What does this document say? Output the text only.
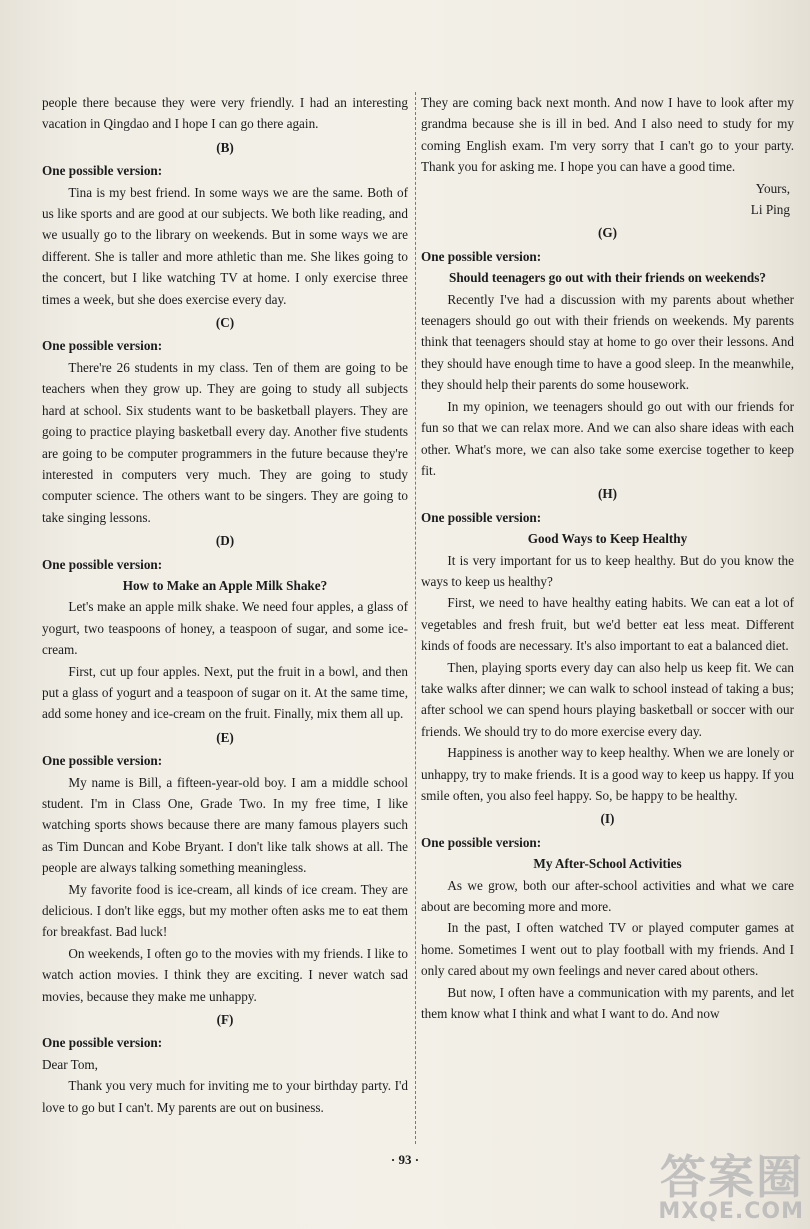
people there because they were very friendly. I had an interesting vacation in Qingdao and I hope I can go there again.

(B)

One possible version:

Tina is my best friend. In some ways we are the same. Both of us like sports and are good at our subjects. We both like reading, and we usually go to the library on weekends. But in some ways we are different. She is taller and more athletic than me. She likes going to the concert, but I like watching TV at home. I only exercise three times a week, but she does exercise every day.

(C)

One possible version:

There're 26 students in my class. Ten of them are going to be teachers when they grow up. They are going to study all subjects hard at school. Six students want to be basketball players. They are going to practice playing basketball every day. Another five students are going to be computer programmers in the future because they're interested in computers very much. They are going to study computer science. The others want to be singers. They are going to take singing lessons.

(D)

One possible version:

How to Make an Apple Milk Shake?

Let's make an apple milk shake. We need four apples, a glass of yogurt, two teaspoons of honey, a teaspoon of sugar, and some ice-cream.

First, cut up four apples. Next, put the fruit in a bowl, and then put a glass of yogurt and a teaspoon of sugar on it. At the same time, add some honey and ice-cream on the fruit. Finally, mix them all up.

(E)

One possible version:

My name is Bill, a fifteen-year-old boy. I am a middle school student. I'm in Class One, Grade Two. In my free time, I like watching sports shows because there are many famous players such as Tim Duncan and Kobe Bryant. I don't like talk shows at all. The people are always talking something meaningless.

My favorite food is ice-cream, all kinds of ice cream. They are delicious. I don't like eggs, but my mother often asks me to eat them for breakfast. Bad luck!

On weekends, I often go to the movies with my friends. I like to watch action movies. I think they are exciting. I never watch sad movies, because they make me unhappy.

(F)

One possible version:

Dear Tom,

Thank you very much for inviting me to your birthday party. I'd love to go but I can't. My parents are out on business.

They are coming back next month. And now I have to look after my grandma because she is ill in bed. And I also need to study for my coming English exam. I'm very sorry that I can't go to your party. Thank you for asking me. I hope you can have a good time.

Yours,

Li Ping

(G)

One possible version:

Should teenagers go out with their friends on weekends?

Recently I've had a discussion with my parents about whether teenagers should go out with their friends on weekends. My parents think that teenagers should stay at home to go over their lessons. And they should have enough time to have a good sleep. In the meanwhile, they should help their parents do some housework.

In my opinion, we teenagers should go out with our friends for fun so that we can relax more. And we can also share ideas with each other. What's more, we can also take some exercise together to keep fit.

(H)

One possible version:

Good Ways to Keep Healthy

It is very important for us to keep healthy. But do you know the ways to keep us healthy?

First, we need to have healthy eating habits. We can eat a lot of vegetables and fresh fruit, but we'd better eat less meat. Different kinds of foods are necessary. It's also important to eat a balanced diet.

Then, playing sports every day can also help us keep fit. We can take walks after dinner; we can walk to school instead of taking a bus; after school we can spend hours playing basketball or soccer with our friends. We should try to do more exercise every day.

Happiness is another way to keep healthy. When we are lonely or unhappy, try to make friends. It is a good way to keep us happy. If you smile often, you also feel happy. So, be happy to be healthy.

(I)

One possible version:

My After-School Activities

As we grow, both our after-school activities and what we care about are becoming more and more.

In the past, I often watched TV or played computer games at home. Sometimes I went out to play football with my friends. And I only cared about my own feelings and never cared about others.

But now, I often have a communication with my parents, and let them know what I think and what I want to do. And now

· 93 ·	答案圈
MXQE.COM
